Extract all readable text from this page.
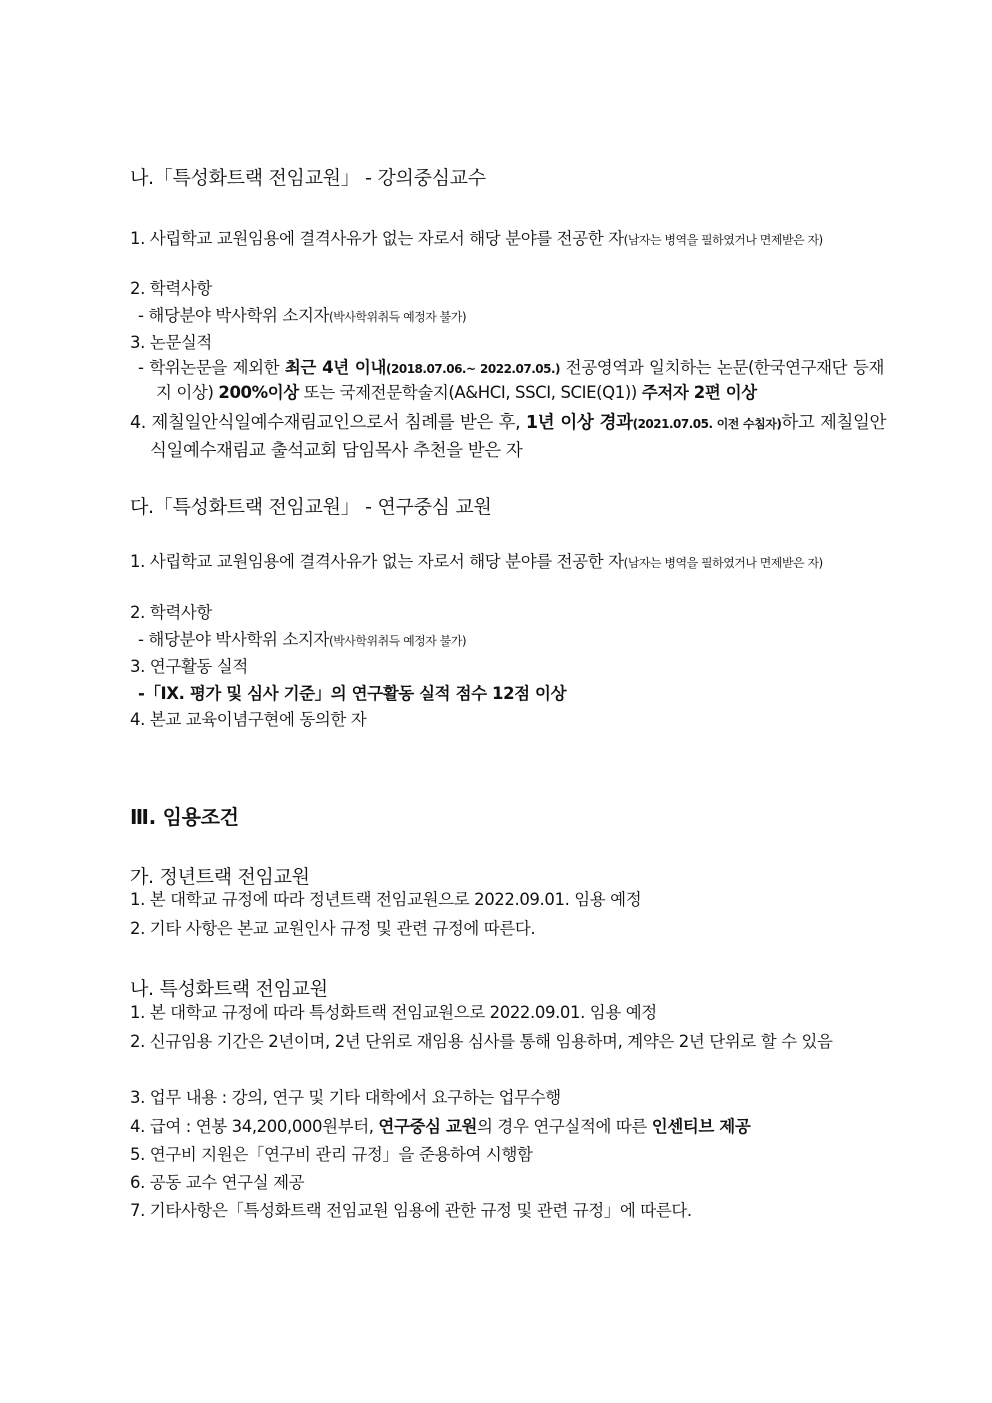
나.「특성화트랙 전임교원」 - 강의중심교수
1. 사립학교 교원임용에 결격사유가 없는 자로서 해당 분야를 전공한 자(남자는 병역을 필하였거나 면제받은 자)
2. 학력사항
- 해당분야 박사학위 소지자(박사학위취득 예정자 불가)
3. 논문실적
- 학위논문을 제외한 최근 4년 이내(2018.07.06.~ 2022.07.05.) 전공영역과 일치하는 논문(한국연구재단 등재지 이상) 200%이상 또는 국제전문학술지(A&HCI, SSCI, SCIE(Q1)) 주저자 2편 이상
4. 제칠일안식일예수재림교인으로서 침례를 받은 후, 1년 이상 경과(2021.07.05. 이전 수침자)하고 제칠일안식일예수재림교 출석교회 담임목사 추천을 받은 자
다.「특성화트랙 전임교원」 - 연구중심 교원
1. 사립학교 교원임용에 결격사유가 없는 자로서 해당 분야를 전공한 자(남자는 병역을 필하였거나 면제받은 자)
2. 학력사항
- 해당분야 박사학위 소지자(박사학위취득 예정자 불가)
3. 연구활동 실적
-「Ⅸ. 평가 및 심사 기준」의 연구활동 실적 점수 12점 이상
4. 본교 교육이념구현에 동의한 자
Ⅲ. 임용조건
가. 정년트랙 전임교원
1. 본 대학교 규정에 따라 정년트랙 전임교원으로 2022.09.01. 임용 예정
2. 기타 사항은 본교 교원인사 규정 및 관련 규정에 따른다.
나. 특성화트랙 전임교원
1. 본 대학교 규정에 따라 특성화트랙 전임교원으로 2022.09.01. 임용 예정
2. 신규임용 기간은 2년이며, 2년 단위로 재임용 심사를 통해 임용하며, 계약은 2년 단위로 할 수 있음
3. 업무 내용 : 강의, 연구 및 기타 대학에서 요구하는 업무수행
4. 급여 : 연봉 34,200,000원부터, 연구중심 교원의 경우 연구실적에 따른 인센티브 제공
5. 연구비 지원은「연구비 관리 규정」을 준용하여 시행함
6. 공동 교수 연구실 제공
7. 기타사항은「특성화트랙 전임교원 임용에 관한 규정 및 관련 규정」에 따른다.
